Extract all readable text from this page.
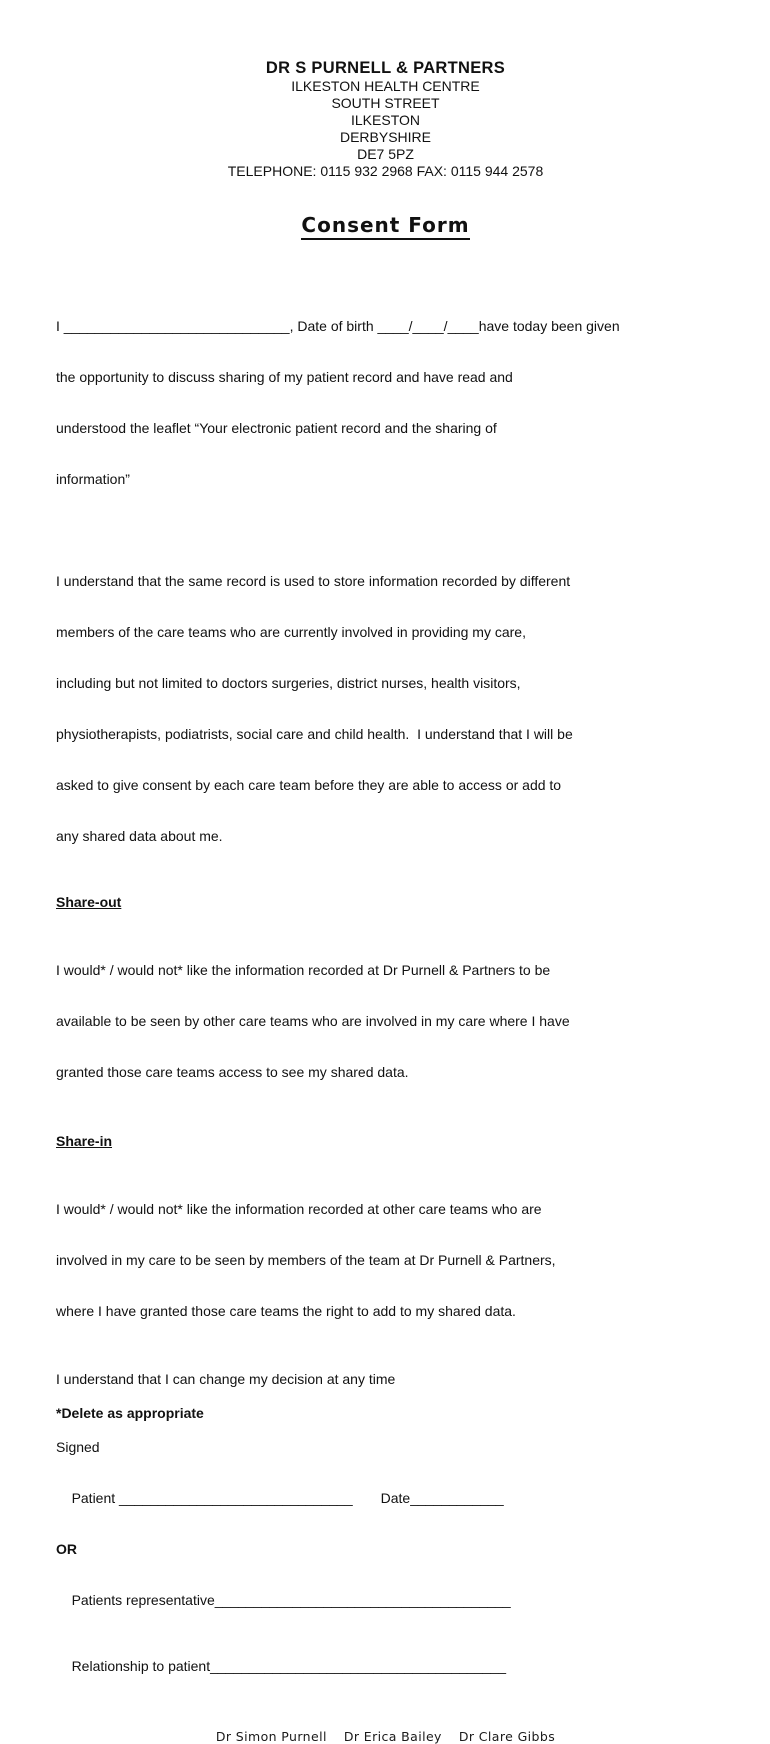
DR S PURNELL & PARTNERS
ILKESTON HEALTH CENTRE
SOUTH STREET
ILKESTON
DERBYSHIRE
DE7 5PZ
TELEPHONE: 0115 932 2968 FAX: 0115 944 2578
Consent Form

I _____________________________, Date of birth ____/____/____have today been given

the opportunity to discuss sharing of my patient record and have read and

understood the leaflet “Your electronic patient record and the sharing of

information”

I understand that the same record is used to store information recorded by different

members of the care teams who are currently involved in providing my care,

including but not limited to doctors surgeries, district nurses, health visitors,

physiotherapists, podiatrists, social care and child health.  I understand that I will be

asked to give consent by each care team before they are able to access or add to

any shared data about me.

Share-out

I would* / would not* like the information recorded at Dr Purnell & Partners to be

available to be seen by other care teams who are involved in my care where I have

granted those care teams access to see my shared data.

Share-in

I would* / would not* like the information recorded at other care teams who are

involved in my care to be seen by members of the team at Dr Purnell & Partners,

where I have granted those care teams the right to add to my shared data.

I understand that I can change my decision at any time
*Delete as appropriate
Signed

Patient ______________________________ Date____________

OR

Patients representative______________________________________

Relationship to patient______________________________________

Dr Simon Purnell Dr Erica Bailey Dr Clare Gibbs
